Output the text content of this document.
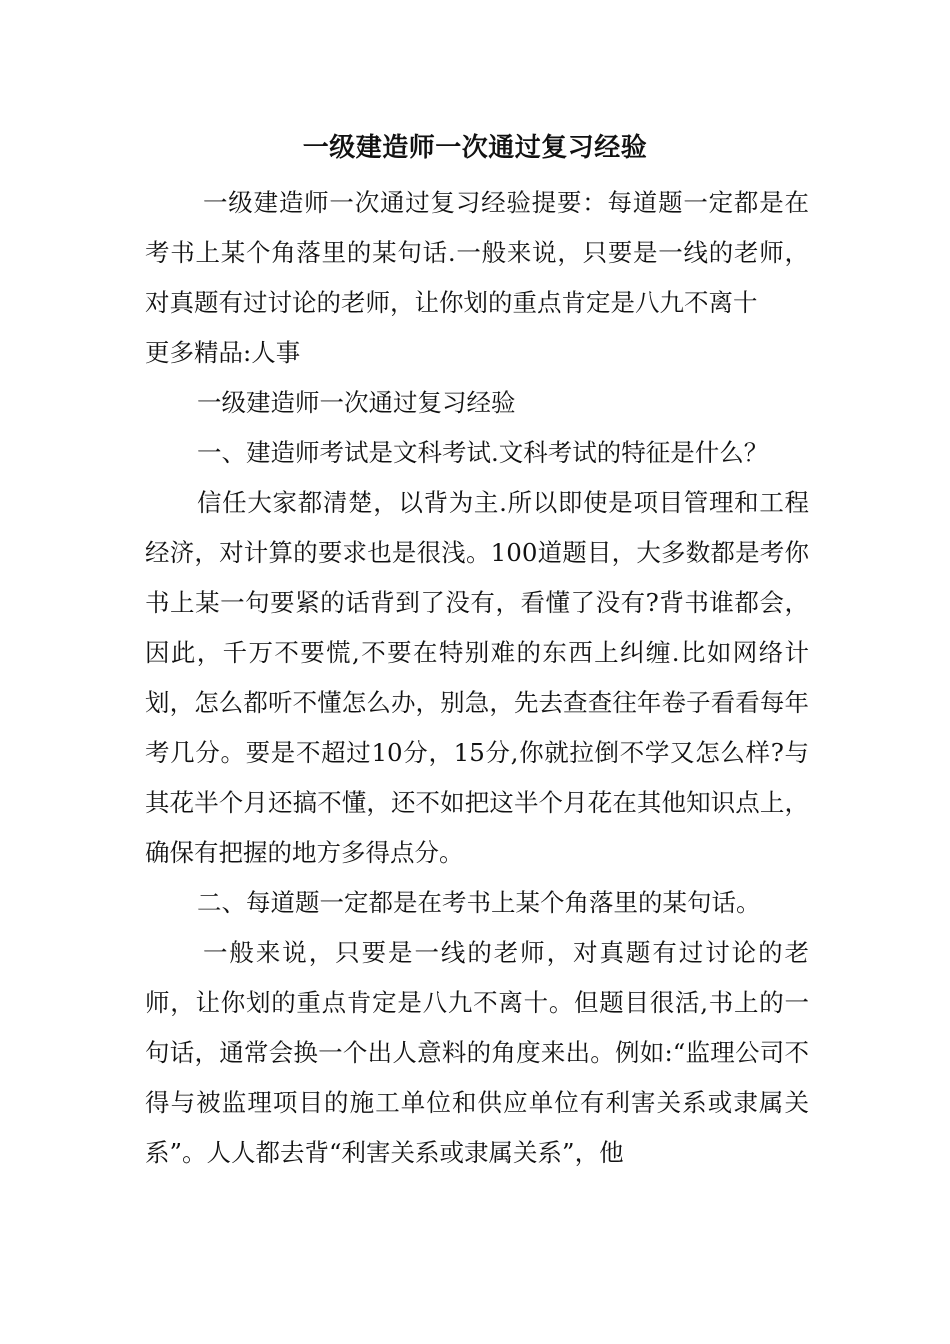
一级建造师一次通过复习经验

一级建造师一次通过复习经验提要：每道题一定都是在考书上某个角落里的某句话.一般来说，只要是一线的老师，对真题有过讨论的老师，让你划的重点肯定是八九不离十

更多精品:人事

一级建造师一次通过复习经验

一、建造师考试是文科考试.文科考试的特征是什么？

信任大家都清楚，以背为主.所以即使是项目管理和工程经济，对计算的要求也是很浅。100道题目，大多数都是考你书上某一句要紧的话背到了没有，看懂了没有?背书谁都会，因此，千万不要慌,不要在特别难的东西上纠缠.比如网络计划，怎么都听不懂怎么办，别急，先去查查往年卷子看看每年考几分。要是不超过10分，15分,你就拉倒不学又怎么样?与其花半个月还搞不懂，还不如把这半个月花在其他知识点上，确保有把握的地方多得点分。

二、每道题一定都是在考书上某个角落里的某句话。

一般来说，只要是一线的老师，对真题有过讨论的老师，让你划的重点肯定是八九不离十。但题目很活,书上的一句话，通常会换一个出人意料的角度来出。例如:“监理公司不得与被监理项目的施工单位和供应单位有利害关系或隶属关系”。人人都去背“利害关系或隶属关系”，他
